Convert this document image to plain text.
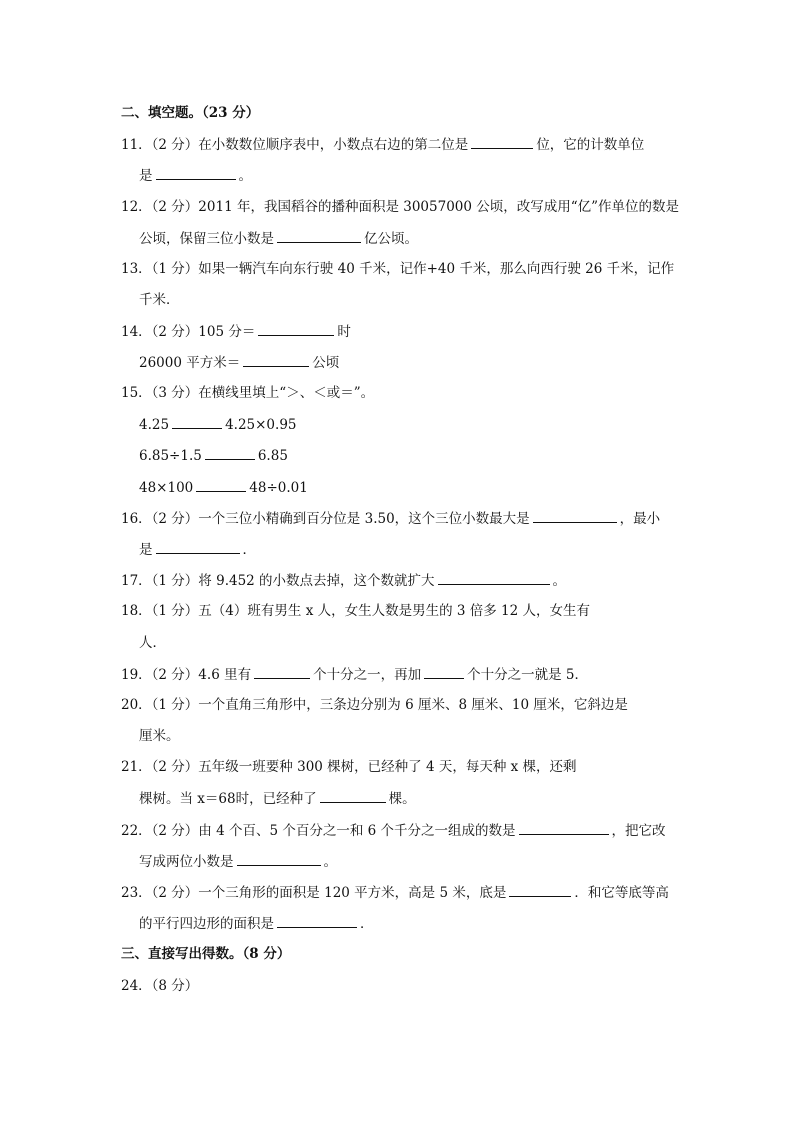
二、填空题。（23 分）
11．（2 分）在小数数位顺序表中，小数点右边的第二位是	位，它的计数单位
是	。
12．（2 分）2011 年，我国稻谷的播种面积是 30057000 公顷，改写成用“亿”作单位的数是
公顷，保留三位小数是	亿公顷。
13．（1 分）如果一辆汽车向东行驶 40 千米，记作+40 千米，那么向西行驶 26 千米，记作
千米．
14．（2 分）105 分＝	时
26000 平方米＝	公顷
15．（3 分）在横线里填上“＞、＜或＝”。
4.25	4.25×0.95
6.85÷1.5	6.85
48×100	48÷0.01
16．（2 分）一个三位小精确到百分位是 3.50，这个三位小数最大是	，最小
是	．
17．（1 分）将 9.452 的小数点去掉，这个数就扩大	。
18．（1 分）五（4）班有男生 x 人，女生人数是男生的 3 倍多 12 人，女生有
人．
19．（2 分）4.6 里有	个十分之一，再加	个十分之一就是 5．
20．（1 分）一个直角三角形中，三条边分别为 6 厘米、8 厘米、10 厘米，它斜边是
厘米。
21．（2 分）五年级一班要种 300 棵树，已经种了 4 天，每天种 x 棵，还剩
棵树。当 x＝68时，已经种了	棵。
22．（2 分）由 4 个百、5 个百分之一和 6 个千分之一组成的数是	，把它改
写成两位小数是	。
23．（2 分）一个三角形的面积是 120 平方米，高是 5 米，底是	．和它等底等高
的平行四边形的面积是	．
三、直接写出得数。（8 分）
24．（8 分）
